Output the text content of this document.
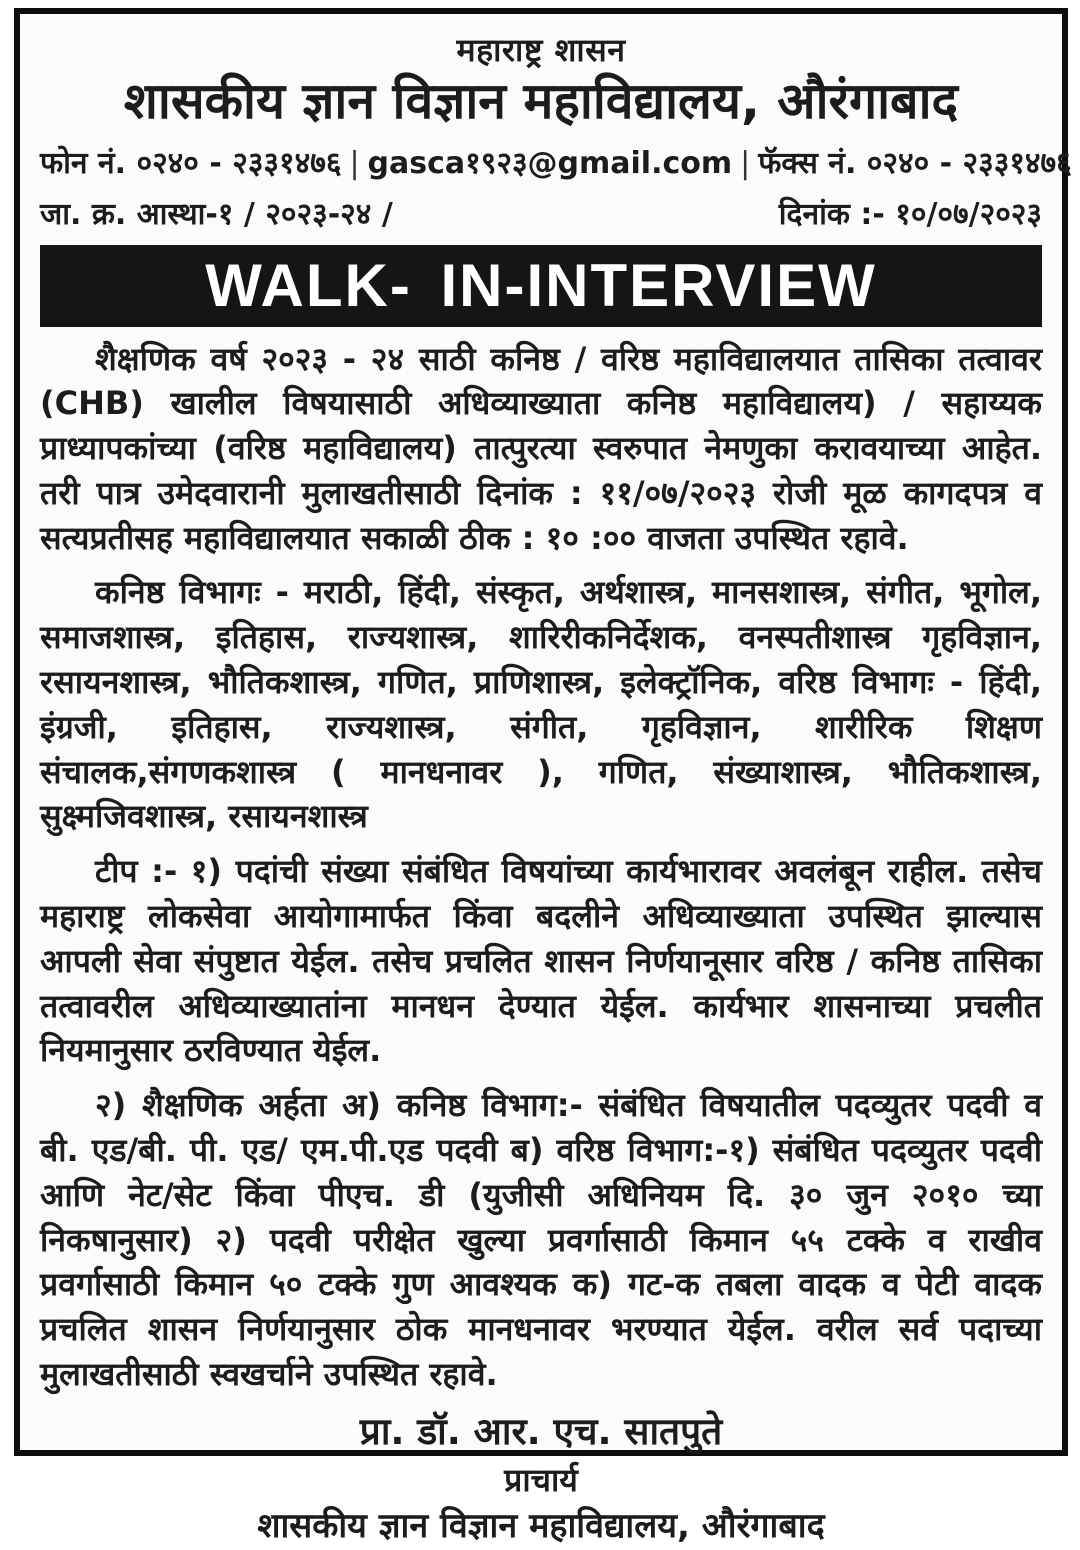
महाराष्ट्र शासन
शासकीय ज्ञान विज्ञान महाविद्यालय, औरंगाबाद
फोन नं. ०२४० - २३३१४७६ | gasca१९२३@gmail.com | फॅक्स नं. ०२४० - २३३१४७६
जा. क्र. आस्था-१ / २०२३-२४ /	दिनांक :- १०/०७/२०२३
WALK- IN-INTERVIEW

शैक्षणिक वर्ष २०२३ - २४ साठी कनिष्ठ / वरिष्ठ महाविद्यालयात तासिका तत्वावर (CHB) खालील विषयासाठी अधिव्याख्याता कनिष्ठ महाविद्यालय) / सहाय्यक प्राध्यापकांच्या (वरिष्ठ महाविद्यालय) तात्पुरत्या स्वरुपात नेमणुका करावयाच्या आहेत. तरी पात्र उमेदवारानी मुलाखतीसाठी दिनांक : ११/०७/२०२३ रोजी मूळ कागदपत्र व सत्यप्रतीसह महाविद्यालयात सकाळी ठीक : १० :०० वाजता उपस्थित रहावे.

कनिष्ठ विभागः - मराठी, हिंदी, संस्कृत, अर्थशास्त्र, मानसशास्त्र, संगीत, भूगोल, समाजशास्त्र, इतिहास, राज्यशास्त्र, शारिरीकनिर्देशक, वनस्पतीशास्त्र गृहविज्ञान, रसायनशास्त्र, भौतिकशास्त्र, गणित, प्राणिशास्त्र, इलेक्ट्रॉनिक, वरिष्ठ विभागः - हिंदी, इंग्रजी, इतिहास, राज्यशास्त्र, संगीत, गृहविज्ञान, शारीरिक शिक्षण संचालक,संगणकशास्त्र ( मानधनावर ), गणित, संख्याशास्त्र, भौतिकशास्त्र, सुक्ष्मजिवशास्त्र, रसायनशास्त्र

टीप :- १) पदांची संख्या संबंधित विषयांच्या कार्यभारावर अवलंबून राहील. तसेच महाराष्ट्र लोकसेवा आयोगामार्फत किंवा बदलीने अधिव्याख्याता उपस्थित झाल्यास आपली सेवा संपुष्टात येईल. तसेच प्रचलित शासन निर्णयानूसार वरिष्ठ / कनिष्ठ तासिका तत्वावरील अधिव्याख्यातांना मानधन देण्यात येईल. कार्यभार शासनाच्या प्रचलीत नियमानुसार ठरविण्यात येईल.

२) शैक्षणिक अर्हता अ) कनिष्ठ विभाग:- संबंधित विषयातील पदव्युतर पदवी व बी. एड/बी. पी. एड/ एम.पी.एड पदवी ब) वरिष्ठ विभाग:-१) संबंधित पदव्युतर पदवी आणि नेट/सेट किंवा पीएच. डी (युजीसी अधिनियम दि. ३० जुन २०१० च्या निकषानुसार) २) पदवी परीक्षेत खुल्या प्रवर्गासाठी किमान ५५ टक्के व राखीव प्रवर्गासाठी किमान ५० टक्के गुण आवश्यक क) गट-क तबला वादक व पेटी वादक प्रचलित शासन निर्णयानुसार ठोक मानधनावर भरण्यात येईल. वरील सर्व पदाच्या मुलाखतीसाठी स्वखर्चाने उपस्थित रहावे.

प्रा. डॉ. आर. एच. सातपुते
प्राचार्य
शासकीय ज्ञान विज्ञान महाविद्यालय, औरंगाबाद
